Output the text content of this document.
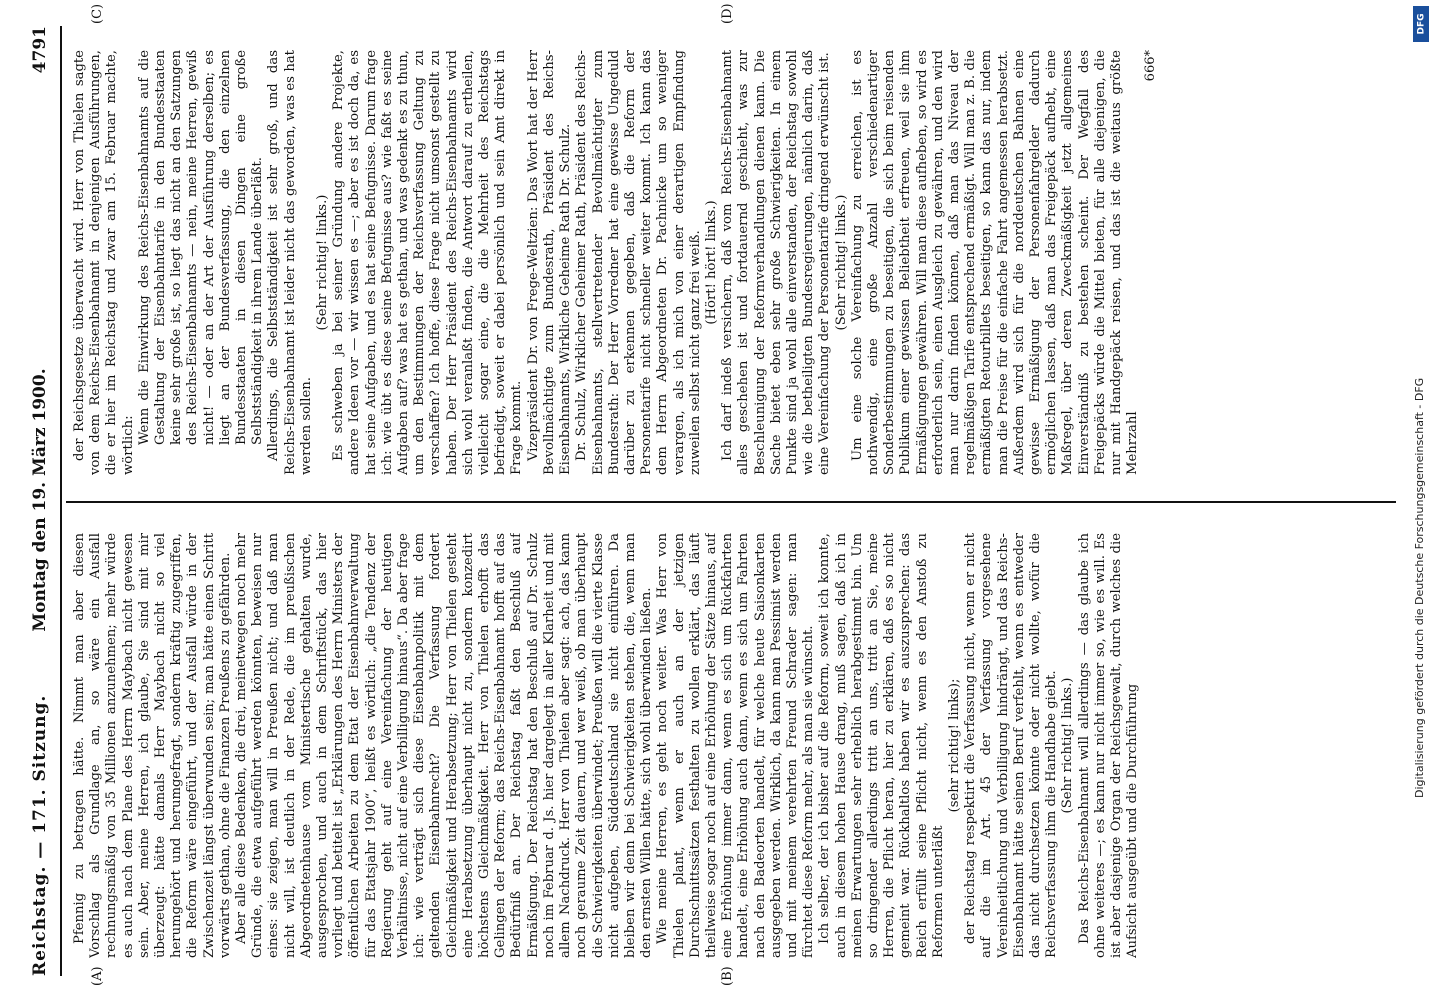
Reichstag. — 171. Sitzung.
4791
(A)	(B)

Pfennig zu betragen hätte. Nimmt man aber diesen Vorschlag als Grundlage an, so wäre ein Ausfall rechnungsmäßig von 35 Millionen anzunehmen; mehr würde es auch nach dem Plane des Herrn Maybach nicht gewesen sein. Aber, meine Herren, ich glaube, Sie sind mit mir überzeugt: hätte damals Herr Maybach nicht so viel herumgehört und herumgefragt, sondern kräftig zugegriffen, die Reform wäre eingeführt, und der Ausfall würde in der Zwischenzeit längst überwunden sein; man hätte einen Schritt vorwärts gethan, ohne die Finanzen Preußens zu gefährden. Aber alle diese Bedenken, die drei, meinetwegen noch mehr Gründe, die etwa aufgeführt werden könnten, beweisen nur eines: sie zeigen, man will in Preußen nicht; und daß man nicht will, ist deutlich in der Rede, die im preußischen Abgeordnetenhause vom Ministertische gehalten wurde, ausgesprochen, und auch in dem Schriftstück, das hier vorliegt und betitelt ist „Erklärungen des Herrn Ministers der öffentlichen Arbeiten zu dem Etat der Eisenbahnverwaltung für das Etatsjahr 1900“, heißt es wörtlich: „die Tendenz der Regierung geht auf eine Vereinfachung der heutigen Verhältnisse, nicht auf eine Verbilligung hinaus“. Da aber frage ich: wie verträgt sich diese Eisenbahnpolitik mit dem geltenden Eisenbahnrecht? Die Verfassung fordert Gleichmäßigkeit und Herabsetzung; Herr von Thielen gesteht eine Herabsetzung überhaupt nicht zu, sondern konzedirt höchstens Gleichmäßigkeit. Herr von Thielen erhofft das Gelingen der Reform; das Reichs-Eisenbahnamt hofft auf das Bedürfniß an. Der Reichstag faßt den Beschluß auf Ermäßigung. Der Reichstag hat den Beschluß auf Dr. Schulz noch im Februar d. Js. hier dargelegt in aller Klarheit und mit allem Nachdruck. Herr von Thielen aber sagt: ach, das kann noch geraume Zeit dauern, und wer weiß, ob man überhaupt die Schwierigkeiten überwindet; Preußen will die vierte Klasse nicht aufgeben, Süddeutschland sie nicht einführen. Da bleiben wir denn bei Schwierigkeiten stehen, die, wenn man den ernsten Willen hätte, sich wohl überwinden ließen. Wie meine Herren, es geht noch weiter. Was Herr von Thielen plant, wenn er auch an der jetzigen Durchschnittssätzen festhalten zu wollen erklärt, das läuft theilweise sogar noch auf eine Erhöhung der Sätze hinaus, auf eine Erhöhung immer dann, wenn es sich um Rückfahrten handelt, eine Erhöhung auch dann, wenn es sich um Fahrten nach den Badeorten handelt, für welche heute Saisonkarten ausgegeben werden. Wirklich, da kann man Pessimist werden und mit meinem verehrten Freund Schrader sagen: man fürchtet diese Reform mehr, als man sie wünscht. Ich selber, der ich bisher auf die Reform, soweit ich konnte, auch in diesem hohen Hause drang, muß sagen, daß ich in meinen Erwartungen sehr erheblich herabgestimmt bin. Um so dringender allerdings tritt an uns, tritt an Sie, meine Herren, die Pflicht heran, hier zu erklären, daß es so nicht gemeint war. Rückhaltlos haben wir es auszusprechen: das Reich erfüllt seine Pflicht nicht, wenn es den Anstoß zu Reformen unterläßt

(sehr richtig! links); der Reichstag respektirt die Verfassung nicht, wenn er nicht auf die im Art. 45 der Verfassung vorgesehene Vereinheitlichung und Verbilligung hindrängt, und das Reichs-Eisenbahnamt hätte seinen Beruf verfehlt, wenn es entweder das nicht durchsetzen könnte oder nicht wollte, wofür die Reichsverfassung ihm die Handhabe giebt. (Sehr richtig! links.) Das Reichs-Eisenbahnamt will allerdings — das glaube ich ohne weiteres —; es kann nur nicht immer so, wie es will. Es ist aber dasjenige Organ der Reichsgewalt, durch welches die Aufsicht ausgeübt und die Durchführung

der Reichsgesetze überwacht wird. Herr von Thielen sagte von dem Reichs-Eisenbahnamt in denjenigen Ausführungen, die er hier im Reichstag und zwar am 15. Februar machte, wörtlich:

Wenn die Einwirkung des Reichs-Eisenbahnamts auf die Gestaltung der Eisenbahntarife in den Bundesstaaten keine sehr große ist, so liegt das nicht an den Satzungen des Reichs-Eisenbahnamts — nein, meine Herren, gewiß nicht! — oder an der Art der Ausführung derselben; es liegt an der Bundesverfassung, die den einzelnen Bundesstaaten in diesen Dingen eine große Selbstständigkeit in ihrem Lande überläßt. Allerdings, die Selbstständigkeit ist sehr groß, und das Reichs-Eisenbahnamt ist leider nicht das geworden, was es hat werden sollen.

(Sehr richtig! links.) Es schweben ja bei seiner Gründung andere Projekte, andere Ideen vor — wir wissen es —; aber es ist doch da, es hat seine Aufgaben, und es hat seine Befugnisse. Darum frage ich: wie übt es diese seine Befugnisse aus? wie faßt es seine Aufgaben auf? was hat es gethan, und was gedenkt es zu thun, um den Bestimmungen der Reichsverfassung Geltung zu verschaffen? Ich hoffe, diese Frage nicht umsonst gestellt zu haben. Der Herr Präsident des Reichs-Eisenbahnamts wird sich wohl veranlaßt finden, die Antwort darauf zu ertheilen, vielleicht sogar eine, die die Mehrheit des Reichstags befriedigt, soweit er dabei persönlich und sein Amt direkt in Frage kommt. Vizepräsident Dr. von Frege-Weltzien: Das Wort hat der Herr Bevollmächtigte zum Bundesrath, Präsident des Reichs-Eisenbahnamts, Wirkliche Geheime Rath Dr. Schulz. Dr. Schulz, Wirklicher Geheimer Rath, Präsident des Reichs-Eisenbahnamts, stellvertretender Bevollmächtigter zum Bundesrath: Der Herr Vorredner hat eine gewisse Ungeduld darüber zu erkennen gegeben, daß die Reform der Personentarife nicht schneller weiter kommt. Ich kann das dem Herrn Abgeordneten Dr. Pachnicke um so weniger verargen, als ich mich von einer derartigen Empfindung zuweilen selbst nicht ganz frei weiß. (Hört! hört! links.) Ich darf indeß versichern, daß vom Reichs-Eisenbahnamt alles geschehen ist und fortdauernd geschieht, was zur Beschleunigung der Reformverhandlungen dienen kann. Die Sache bietet eben sehr große Schwierigkeiten. In einem Punkte sind ja wohl alle einverstanden, der Reichstag sowohl wie die betheiligten Bundesregierungen, nämlich darin, daß eine Vereinfachung der Personentarife dringend erwünscht ist. (Sehr richtig! links.) Um eine solche Vereinfachung zu erreichen, ist es nothwendig, eine große Anzahl verschiedenartiger Sonderbestimmungen zu beseitigen, die sich beim reisenden Publikum einer gewissen Beliebtheit erfreuen, weil sie ihm Ermäßigungen gewähren. Will man diese aufheben, so wird es erforderlich sein, einen Ausgleich zu gewähren, und den wird man nur darin finden können, daß man das Niveau der regelmäßigen Tarife entsprechend ermäßigt. Will man z. B. die ermäßigten Retourbillets beseitigen, so kann das nur, indem man die Preise für die einfache Fahrt angemessen herabsetzt. Außerdem wird sich für die norddeutschen Bahnen eine gewisse Ermäßigung der Personenfahrgelder dadurch ermöglichen lassen, daß man das Freigepäck aufhebt, eine Maßregel, über deren Zweckmäßigkeit jetzt allgemeines Einverständniß zu bestehen scheint. Der Wegfall des Freigepäcks würde die Mittel bieten, für alle diejenigen, die nur mit Handgepäck reisen, und das ist die weitaus größte Mehrzahl

666*
(C)	(D)
Montag den 19. März 1900.	Digitalisierung gefördert durch die Deutsche Forschungsgemeinschaft - DFG
DFG
